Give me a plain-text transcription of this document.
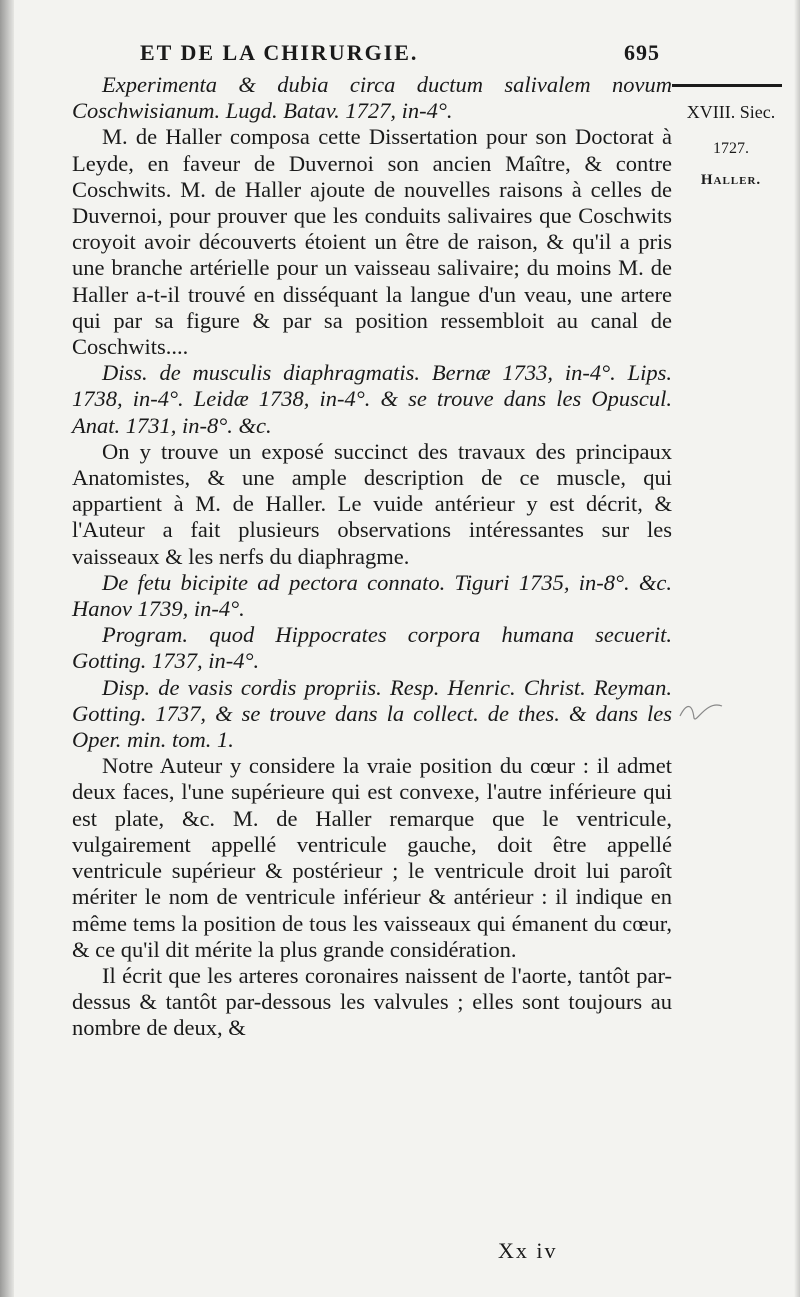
ET DE LA CHIRURGIE.	695
XVIII. Siec.
1727.
Haller.

Experimenta & dubia circa ductum salivalem novum Coschwisianum. Lugd. Batav. 1727, in-4°.

M. de Haller composa cette Dissertation pour son Doctorat à Leyde, en faveur de Duvernoi son ancien Maître, & contre Coschwits. M. de Haller ajoute de nouvelles raisons à celles de Duvernoi, pour prouver que les conduits salivaires que Coschwits croyoit avoir découverts étoient un être de raison, & qu'il a pris une branche artérielle pour un vaisseau salivaire; du moins M. de Haller a-t-il trouvé en disséquant la langue d'un veau, une artere qui par sa figure & par sa position ressembloit au canal de Coschwits....

Diss. de musculis diaphragmatis. Bernæ 1733, in-4°. Lips. 1738, in-4°. Leidæ 1738, in-4°. & se trouve dans les Opuscul. Anat. 1731, in-8°. &c.

On y trouve un exposé succinct des travaux des principaux Anatomistes, & une ample description de ce muscle, qui appartient à M. de Haller. Le vuide antérieur y est décrit, & l'Auteur a fait plusieurs observations intéressantes sur les vaisseaux & les nerfs du diaphragme.

De fetu bicipite ad pectora connato. Tiguri 1735, in-8°. &c. Hanov 1739, in-4°.

Program. quod Hippocrates corpora humana secuerit. Gotting. 1737, in-4°.

Disp. de vasis cordis propriis. Resp. Henric. Christ. Reyman. Gotting. 1737, & se trouve dans la collect. de thes. & dans les Oper. min. tom. 1.

Notre Auteur y considere la vraie position du cœur : il admet deux faces, l'une supérieure qui est convexe, l'autre inférieure qui est plate, &c. M. de Haller remarque que le ventricule, vulgairement appellé ventricule gauche, doit être appellé ventricule supérieur & postérieur ; le ventricule droit lui paroît mériter le nom de ventricule inférieur & antérieur : il indique en même tems la position de tous les vaisseaux qui émanent du cœur, & ce qu'il dit mérite la plus grande considération.

Il écrit que les arteres coronaires naissent de l'aorte, tantôt par-dessus & tantôt par-dessous les valvules ; elles sont toujours au nombre de deux, &

Xx iv
